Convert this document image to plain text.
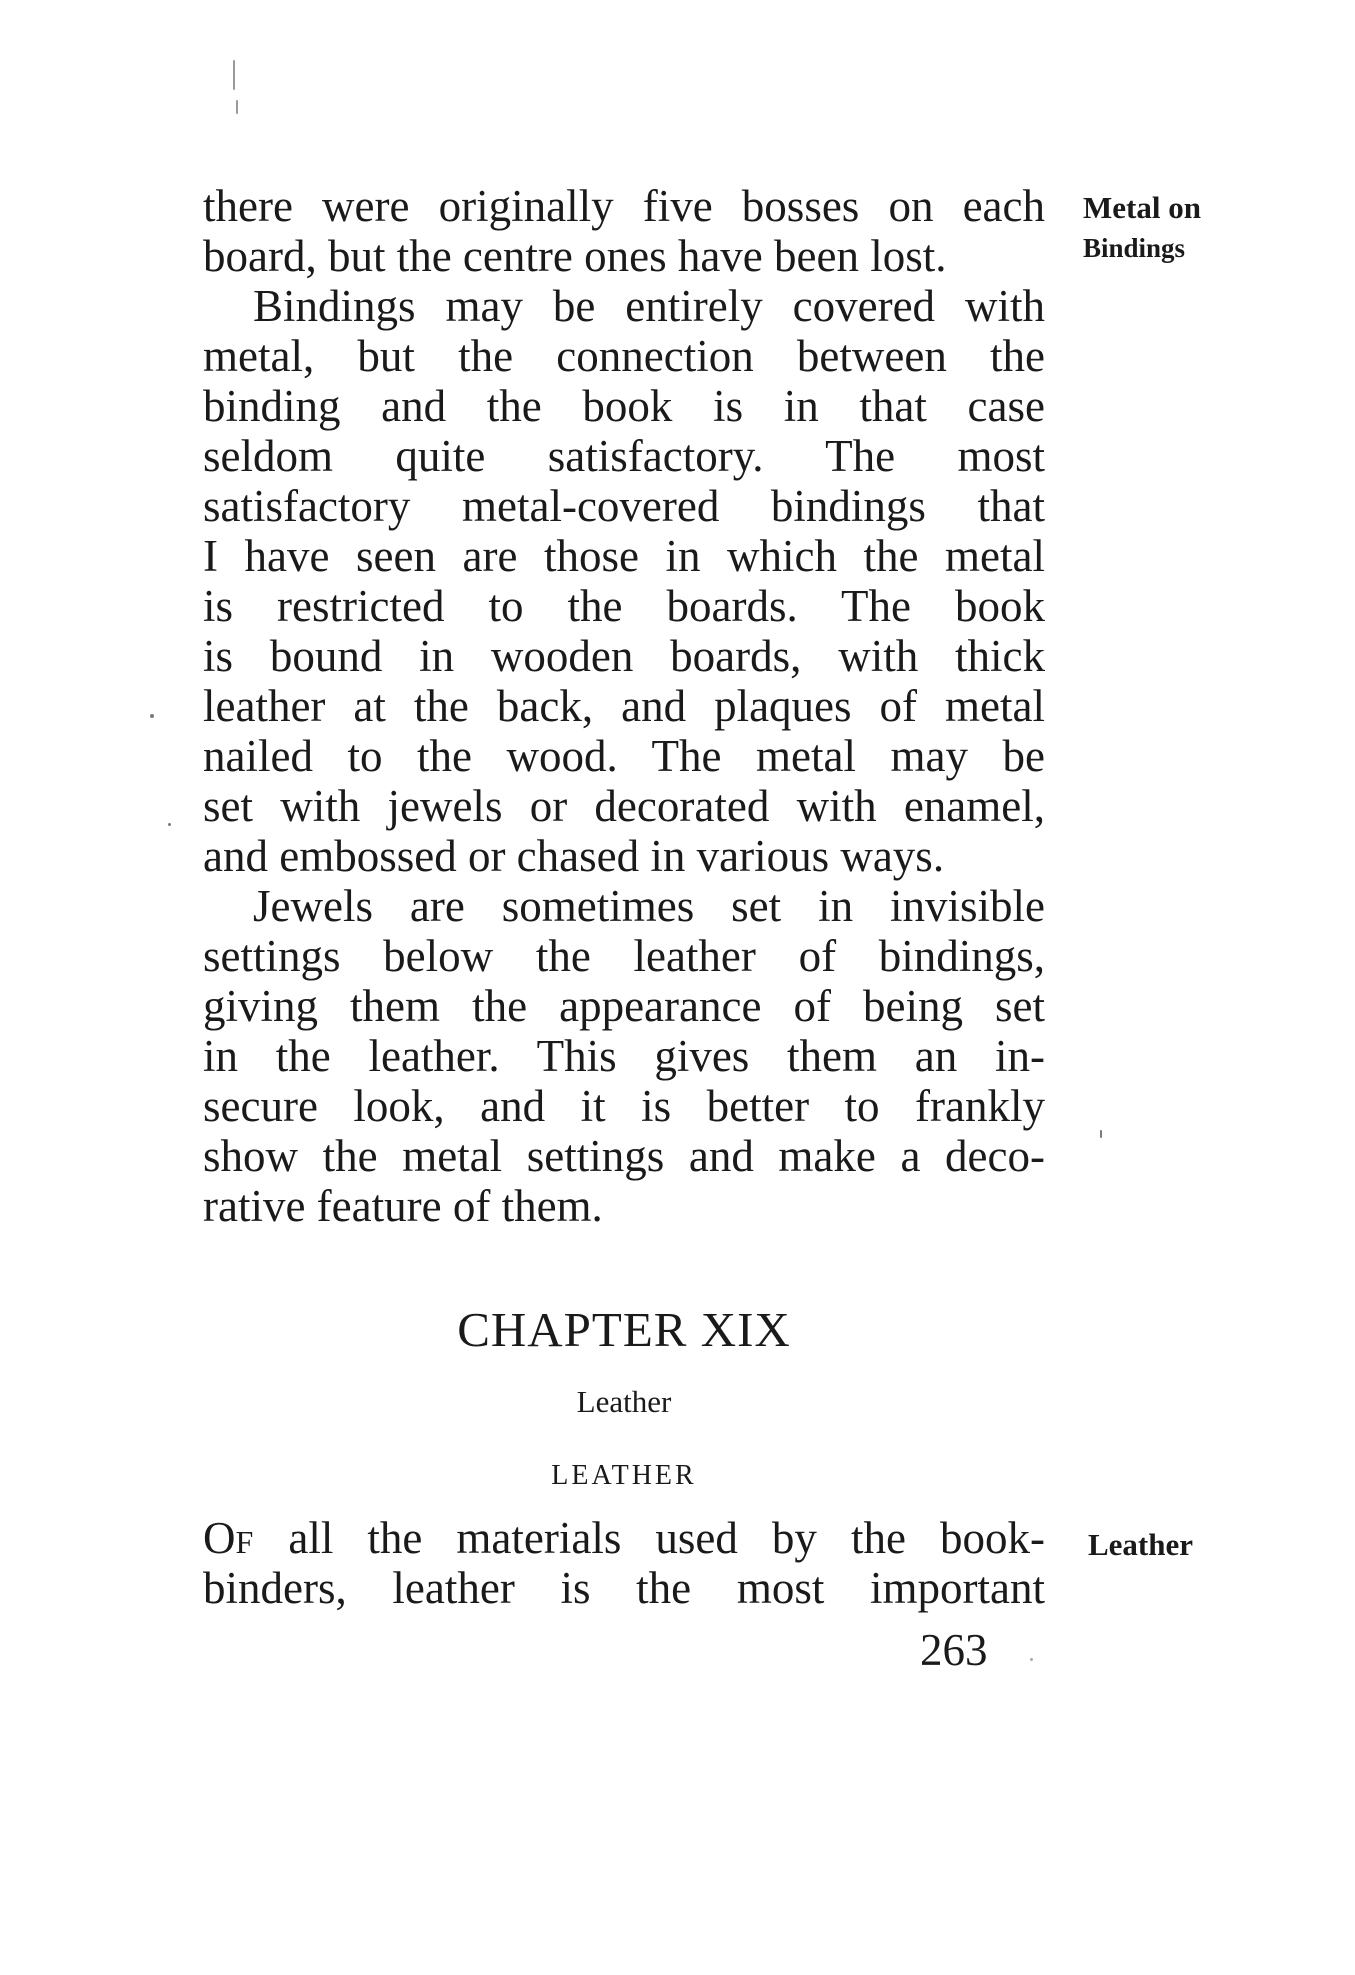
there were originally five bosses on each
board, but the centre ones have been lost.
Metal on
Bindings
Bindings may be entirely covered with
metal, but the connection between the
binding and the book is in that case
seldom quite satisfactory. The most
satisfactory metal-covered bindings that
I have seen are those in which the metal
is restricted to the boards. The book
is bound in wooden boards, with thick
leather at the back, and plaques of metal
nailed to the wood. The metal may be
set with jewels or decorated with enamel,
and embossed or chased in various ways.
Jewels are sometimes set in invisible
settings below the leather of bindings,
giving them the appearance of being set
in the leather. This gives them an in-
secure look, and it is better to frankly
show the metal settings and make a deco-
rative feature of them.
CHAPTER XIX
Leather
LEATHER
OF all the materials used by the book-
binders, leather is the most important
Leather
263
